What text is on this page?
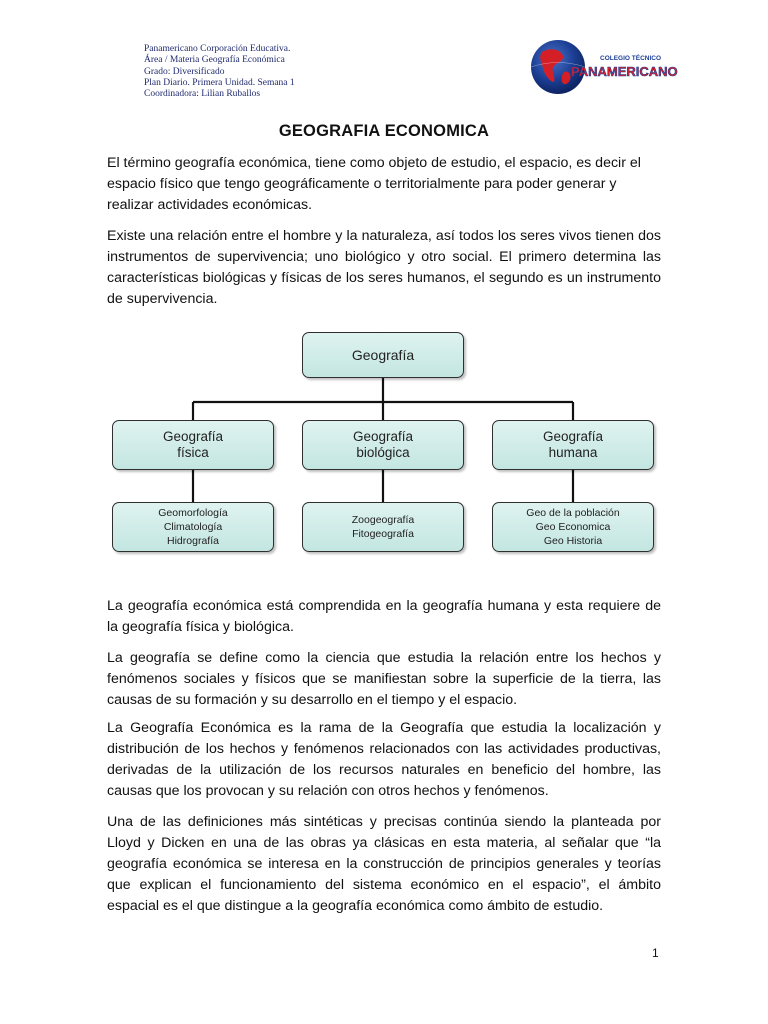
Panamericano Corporación Educativa.
Área / Materia Geografía Económica
Grado: Diversificado
Plan Diario. Primera Unidad. Semana 1
Coordinadora: Lilian Ruballos
COLEGIO TÉCNICO
PANAMERICANO
GEOGRAFIA ECONOMICA

El término geografía económica, tiene como objeto de estudio, el espacio, es decir el espacio físico que tengo geográficamente o territorialmente para poder generar y realizar actividades económicas.

Existe una relación entre el hombre y la naturaleza, así todos los seres vivos tienen dos instrumentos de supervivencia; uno biológico y otro social. El primero determina las características biológicas y físicas de los seres humanos, el segundo es un instrumento de supervivencia.

Geografía
Geografía
física
Geografía
biológica
Geografía
humana
Geomorfología
Climatología
Hidrografía
Zoogeografía
Fitogeografía
Geo de la población
Geo Economica
Geo Historia

La geografía económica está comprendida en la geografía humana y esta requiere de la geografía física y biológica.

La geografía se define como la ciencia que estudia la relación entre los hechos y fenómenos sociales y físicos que se manifiestan sobre la superficie de la tierra, las causas de su formación y su desarrollo en el tiempo y el espacio.

La Geografía Económica es la rama de la Geografía que estudia la localización y distribución de los hechos y fenómenos relacionados con las actividades productivas, derivadas de la utilización de los recursos naturales en beneficio del hombre, las causas que los provocan y su relación con otros hechos y fenómenos.

Una de las definiciones más sintéticas y precisas continúa siendo la planteada por Lloyd y Dicken en una de las obras ya clásicas en esta materia, al señalar que “la geografía económica se interesa en la construcción de principios generales y teorías que explican el funcionamiento del sistema económico en el espacio”, el ámbito espacial es el que distingue a la geografía económica como ámbito de estudio.

1
